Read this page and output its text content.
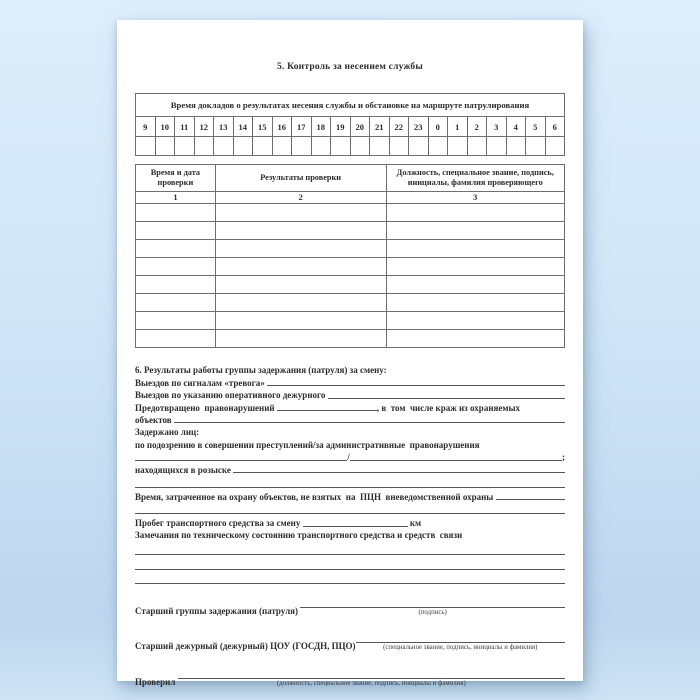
5. Контроль за несением службы
Время докладов о результатах несения службы и обстановке на маршруте патрулирования																					
9	10	11	12	13	14	15	16	17	18	19	20	21	22	23	0	1	2	3	4	5	6

Время и дата проверки	Результаты проверки	Должность, специальное звание, подпись, инициалы, фамилия проверяющего
1	2	3

6. Результаты работы группы задержания (патруля) за смену:
Выездов по сигналам «тревога»
Выездов по указанию оперативного дежурного
Предотвращено  правонарушений	, в  том  числе краж из охраняемых
объектов
Задержано лиц:
по подозрению в совершении преступлений/за административные  правонарушения
/	;
находящихся в розыске
Время, затраченное на охрану объектов, не взятых  на  ПЦН  вневедомственной охраны
Пробег транспортного средства за смену	км
Замечания по техническому состоянию транспортного средства и средств  связи
Старший группы задержания (патруля)	(подпись)
Старший дежурный (дежурный) ЦОУ (ГОСДН, ПЦО)	(специальное звание, подпись, инициалы и фамилия)
Проверил	(должность, специальное звание, подпись, инициалы и фамилия)
